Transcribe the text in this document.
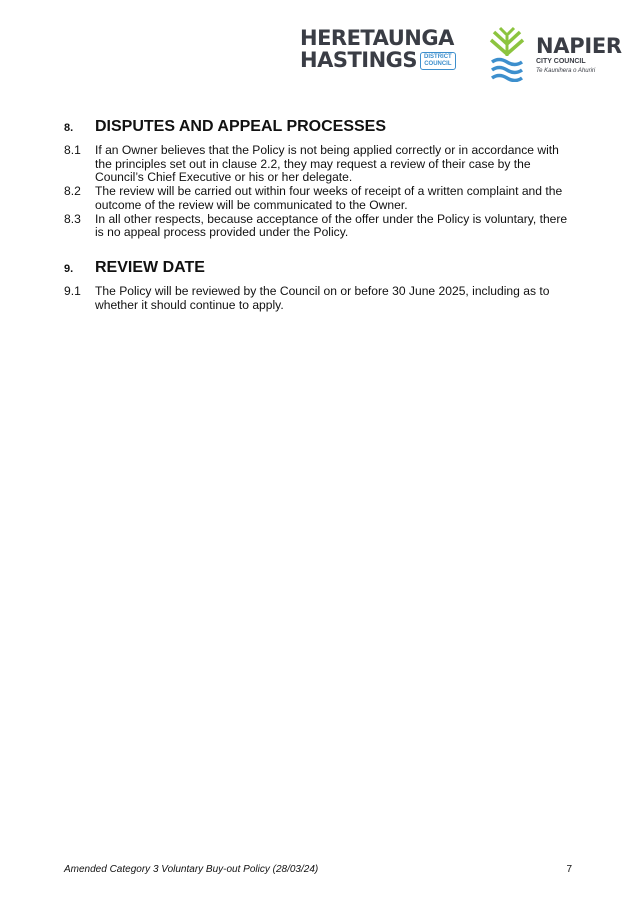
HERETAUNGA
HASTINGS DISTRICT
COUNCIL
NAPIER
CITY COUNCIL
Te Kaunihera o Ahuriri
8.	DISPUTES AND APPEAL PROCESSES
8.1	If an Owner believes that the Policy is not being applied correctly or in accordance with the principles set out in clause 2.2, they may request a review of their case by the Council’s Chief Executive or his or her delegate.
8.2	The review will be carried out within four weeks of receipt of a written complaint and the outcome of the review will be communicated to the Owner.
8.3	In all other respects, because acceptance of the offer under the Policy is voluntary, there is no appeal process provided under the Policy.
9.	REVIEW DATE
9.1	The Policy will be reviewed by the Council on or before 30 June 2025, including as to whether it should continue to apply.
Amended Category 3 Voluntary Buy-out Policy (28/03/24)	7
